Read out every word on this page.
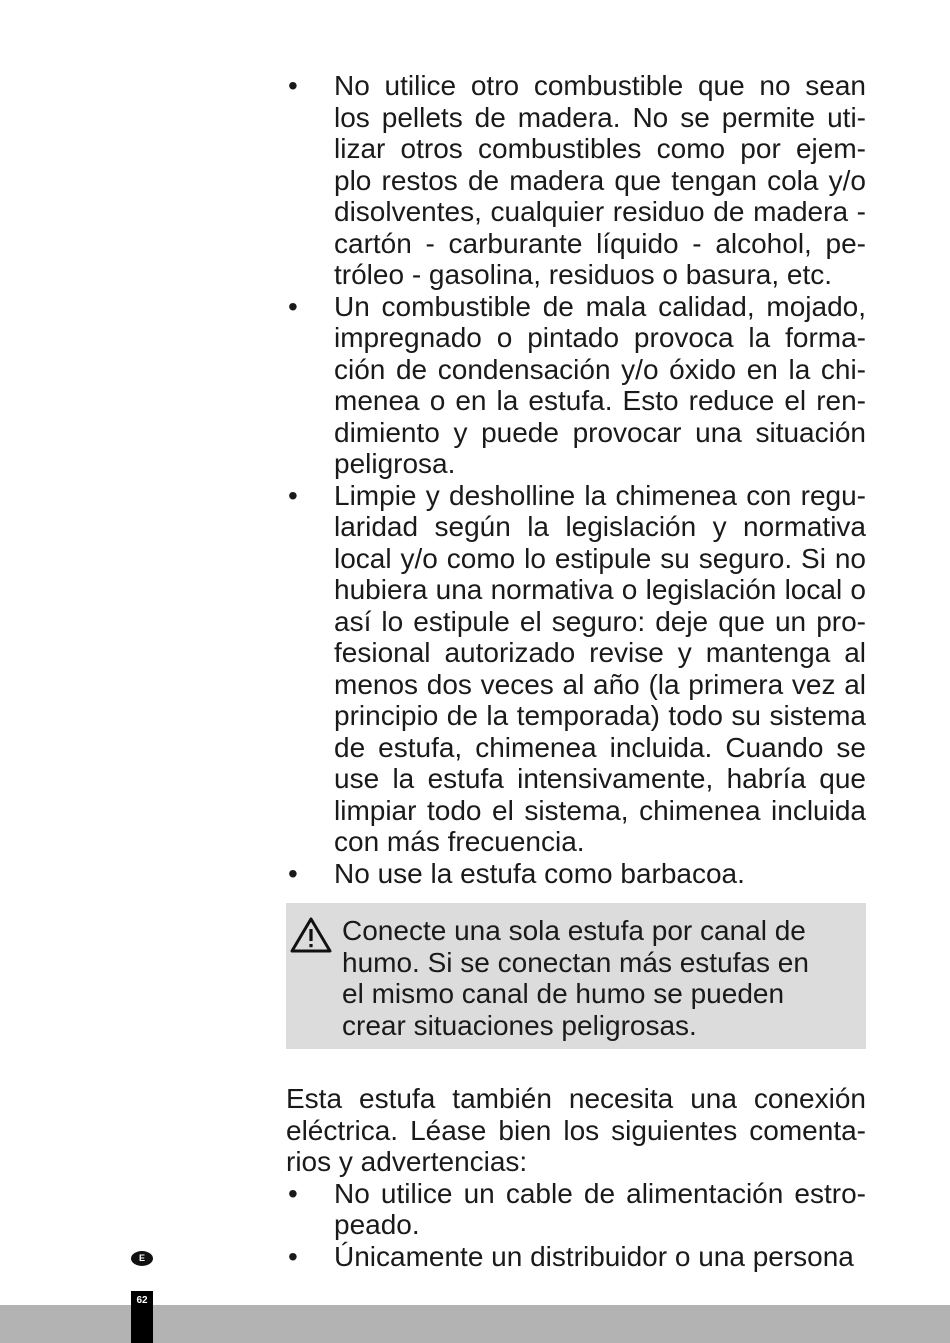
• No utilice otro combustible que no sean los pellets de madera. No se permite uti-lizar otros combustibles como por ejem-plo restos de madera que tengan cola y/o disolventes, cualquier residuo de madera - cartón - carburante líquido - alcohol, pe-tróleo - gasolina, residuos o basura, etc.
• Un combustible de mala calidad, mojado, impregnado o pintado provoca la forma-ción de condensación y/o óxido en la chi-menea o en la estufa. Esto reduce el ren-dimiento y puede provocar una situación peligrosa.
• Limpie y desholline la chimenea con regu-laridad según la legislación y normativa local y/o como lo estipule su seguro. Si no hubiera una normativa o legislación local o así lo estipule el seguro: deje que un pro-fesional autorizado revise y mantenga al menos dos veces al año (la primera vez al principio de la temporada) todo su sistema de estufa, chimenea incluida. Cuando se use la estufa intensivamente, habría que limpiar todo el sistema, chimenea incluida con más frecuencia.
• No use la estufa como barbacoa.
Conecte una sola estufa por canal de humo. Si se conectan más estufas en el mismo canal de humo se pueden crear situaciones peligrosas.

Esta estufa también necesita una conexión eléctrica. Léase bien los siguientes comenta-rios y advertencias:

• No utilice un cable de alimentación estro-peado.
• Únicamente un distribuidor o una persona
E
62
